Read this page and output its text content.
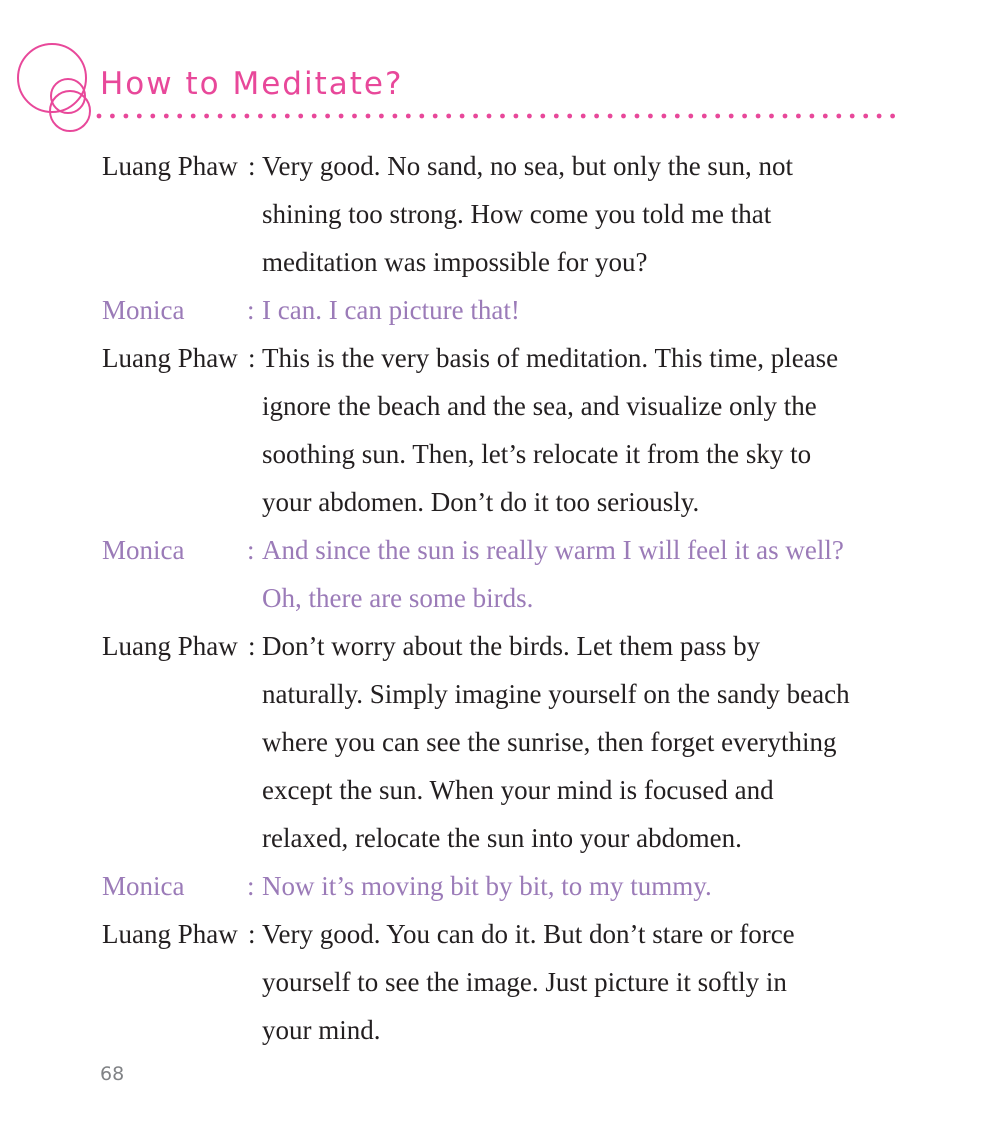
How to Meditate?
Luang Phaw : Very good. No sand, no sea, but only the sun, not
shining too strong. How come you told me that
meditation was impossible for you?
Monica : I can. I can picture that!
Luang Phaw : This is the very basis of meditation. This time, please
ignore the beach and the sea, and visualize only the
soothing sun. Then, let’s relocate it from the sky to
your abdomen. Don’t do it too seriously.
Monica : And since the sun is really warm I will feel it as well?
Oh, there are some birds.
Luang Phaw : Don’t worry about the birds. Let them pass by
naturally. Simply imagine yourself on the sandy beach
where you can see the sunrise, then forget everything
except the sun. When your mind is focused and
relaxed, relocate the sun into your abdomen.
Monica : Now it’s moving bit by bit, to my tummy.
Luang Phaw : Very good. You can do it. But don’t stare or force
yourself to see the image. Just picture it softly in
your mind.
68
